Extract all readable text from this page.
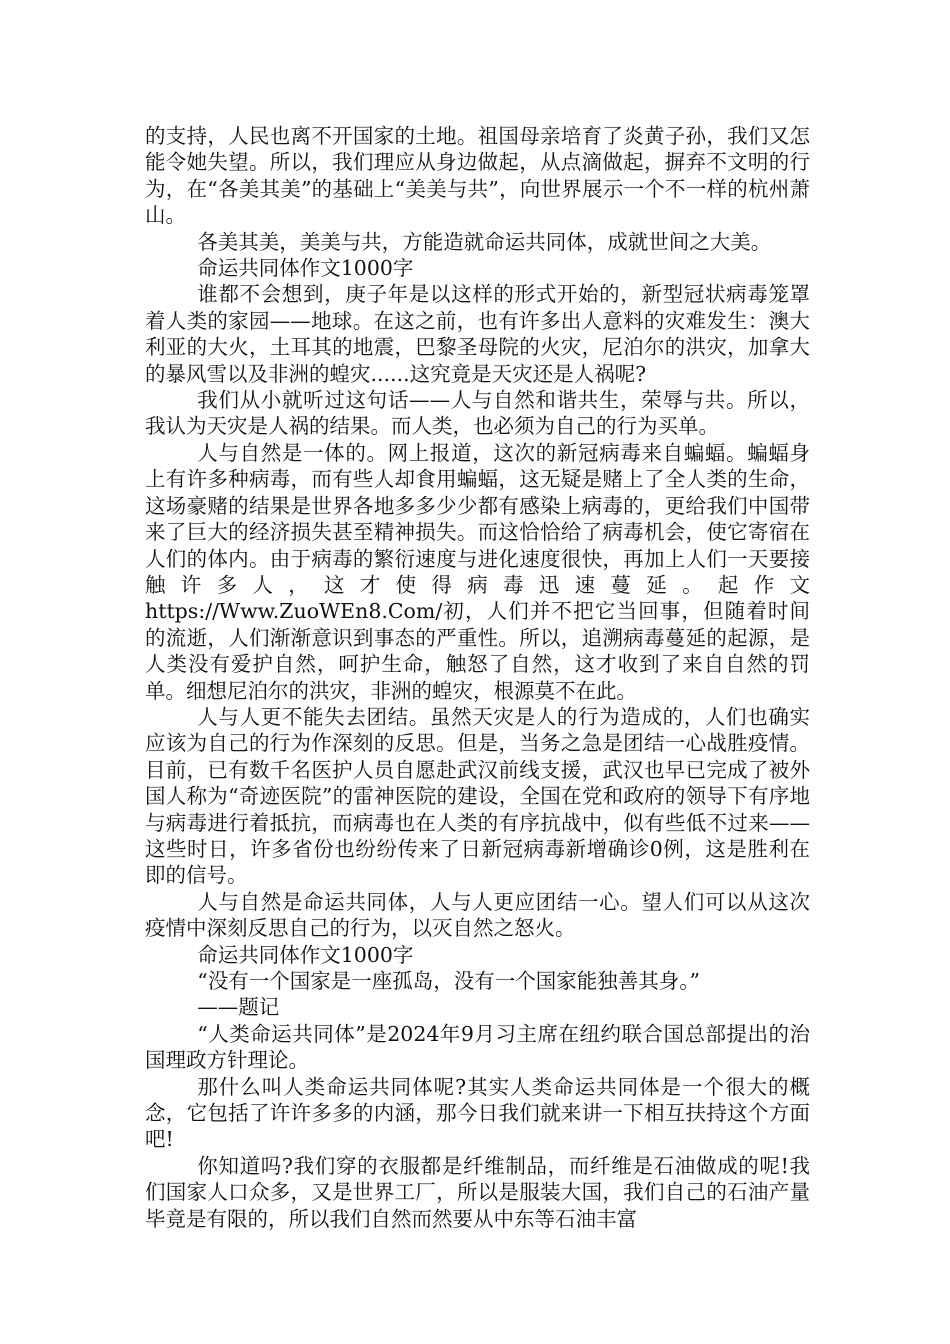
的支持，人民也离不开国家的土地。祖国母亲培育了炎黄子孙，我们又怎能令她失望。所以，我们理应从身边做起，从点滴做起，摒弃不文明的行为，在“各美其美”的基础上“美美与共”，向世界展示一个不一样的杭州萧山。

各美其美，美美与共，方能造就命运共同体，成就世间之大美。

命运共同体作文1000字

谁都不会想到，庚子年是以这样的形式开始的，新型冠状病毒笼罩着人类的家园——地球。在这之前，也有许多出人意料的灾难发生：澳大利亚的大火，土耳其的地震，巴黎圣母院的火灾，尼泊尔的洪灾，加拿大的暴风雪以及非洲的蝗灾......这究竟是天灾还是人祸呢?

我们从小就听过这句话——人与自然和谐共生，荣辱与共。所以，我认为天灾是人祸的结果。而人类，也必须为自己的行为买单。

人与自然是一体的。网上报道，这次的新冠病毒来自蝙蝠。蝙蝠身上有许多种病毒，而有些人却食用蝙蝠，这无疑是赌上了全人类的生命，这场豪赌的结果是世界各地多多少少都有感染上病毒的，更给我们中国带来了巨大的经济损失甚至精神损失。而这恰恰给了病毒机会，使它寄宿在人们的体内。由于病毒的繁衍速度与进化速度很快，再加上人们一天要接触许多人，这才使得病毒迅速蔓延。起作文https://Www.ZuoWEn8.Com/初，人们并不把它当回事，但随着时间的流逝，人们渐渐意识到事态的严重性。所以，追溯病毒蔓延的起源，是人类没有爱护自然，呵护生命，触怒了自然，这才收到了来自自然的罚单。细想尼泊尔的洪灾，非洲的蝗灾，根源莫不在此。

人与人更不能失去团结。虽然天灾是人的行为造成的，人们也确实应该为自己的行为作深刻的反思。但是，当务之急是团结一心战胜疫情。目前，已有数千名医护人员自愿赴武汉前线支援，武汉也早已完成了被外国人称为“奇迹医院”的雷神医院的建设，全国在党和政府的领导下有序地与病毒进行着抵抗，而病毒也在人类的有序抗战中，似有些低不过来——这些时日，许多省份也纷纷传来了日新冠病毒新增确诊0例，这是胜利在即的信号。

人与自然是命运共同体，人与人更应团结一心。望人们可以从这次疫情中深刻反思自己的行为，以灭自然之怒火。

命运共同体作文1000字

“没有一个国家是一座孤岛，没有一个国家能独善其身。”

——题记

“人类命运共同体”是2024年9月习主席在纽约联合国总部提出的治国理政方针理论。

那什么叫人类命运共同体呢?其实人类命运共同体是一个很大的概念，它包括了许许多多的内涵，那今日我们就来讲一下相互扶持这个方面吧!

你知道吗?我们穿的衣服都是纤维制品，而纤维是石油做成的呢!我们国家人口众多，又是世界工厂，所以是服装大国，我们自己的石油产量毕竟是有限的，所以我们自然而然要从中东等石油丰富
